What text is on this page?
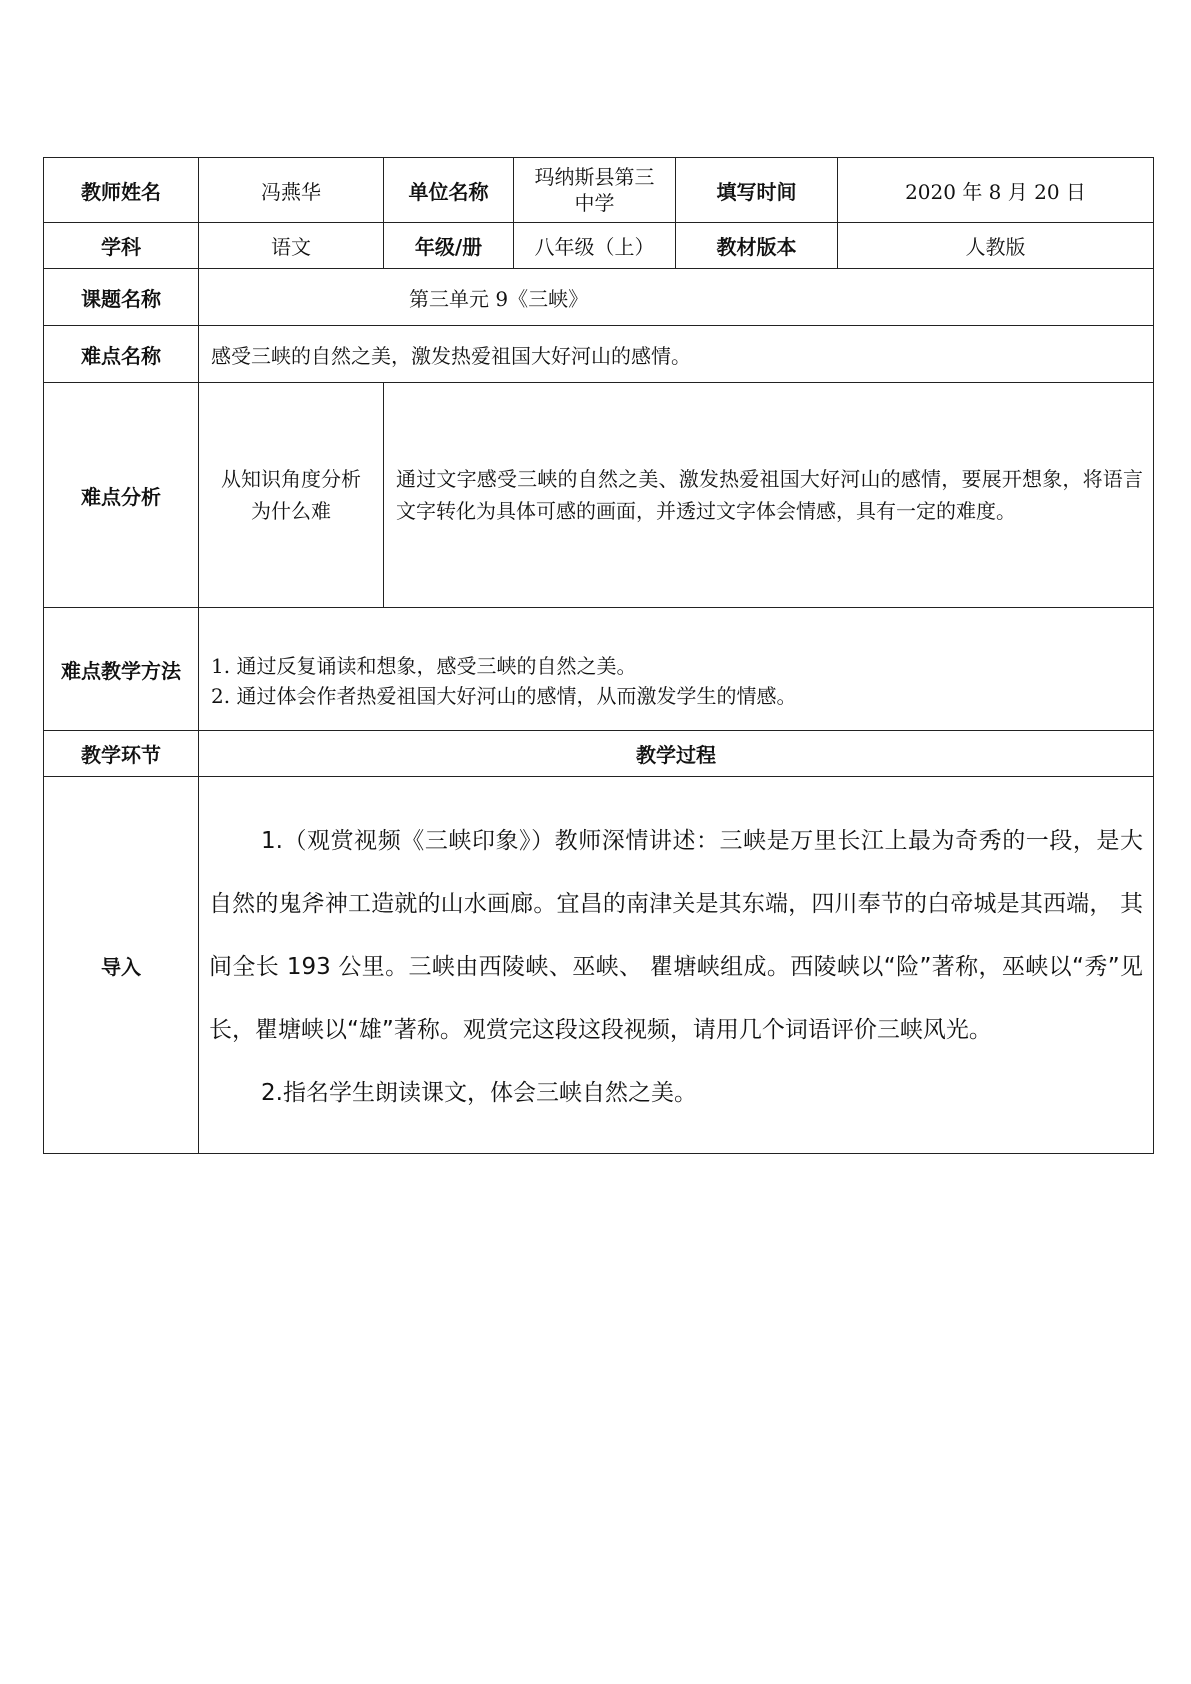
教师姓名	冯燕华	单位名称	玛纳斯县第三中学	填写时间	2020 年 8 月 20 日
学科	语文	年级/册	八年级（上）	教材版本	人教版
课题名称	第三单元 9《三峡》				
难点名称	感受三峡的自然之美，激发热爱祖国大好河山的感情。				
难点分析	从知识角度分析为什么难	通过文字感受三峡的自然之美、激发热爱祖国大好河山的感情，要展开想象，将语言文字转化为具体可感的画面，并透过文字体会情感，具有一定的难度。			
难点教学方法	1. 通过反复诵读和想象，感受三峡的自然之美。
2. 通过体会作者热爱祖国大好河山的感情，从而激发学生的情感。				

教学环节	教学过程				
导入	1.（观赏视频《三峡印象》）教师深情讲述：三峡是万里长江上最为奇秀的一段，是大自然的鬼斧神工造就的山水画廊。宜昌的南津关是其东端，四川奉节的白帝城是其西端， 其间全长 193 公里。三峡由西陵峡、巫峡、 瞿塘峡组成。西陵峡以“险”著称，巫峡以“秀”见长，瞿塘峡以“雄”著称。观赏完这段这段视频，请用几个词语评价三峡风光。

2.指名学生朗读课文，体会三峡自然之美。				
